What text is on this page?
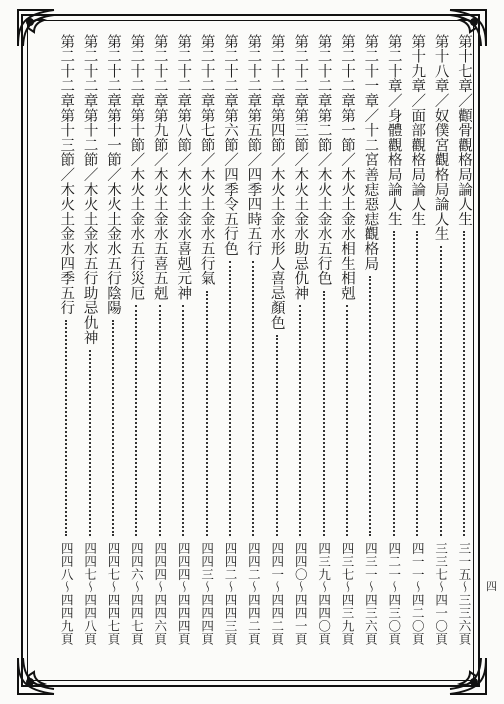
四
第十七章／顴骨觀格局論人生
三一五～三三六頁
第十八章／奴僕宮觀格局論人生
三三七～四一〇頁
第十九章／面部觀格局論人生
四一一～四二〇頁
第二十章／身體觀格局論人生
四二一～四三〇頁
第二十一章／十二宮善痣惡痣觀格局
四三一～四三六頁
第二十二章第一節／木火土金水相生相剋
四三七～四三九頁
第二十二章第二節／木火土金水五行色
四三九～四四〇頁
第二十二章第三節／木火土金水助忌仇神
四四〇～四四一頁
第二十二章第四節／木火土金水形人喜忌顏色
四四一～四四二頁
第二十二章第五節／四季四時五行
四四二～四四二頁
第二十二章第六節／四季令五行色
四四二～四四三頁
第二十二章第七節／木火土金水五行氣
四四三～四四四頁
第二十二章第八節／木火土金水喜剋元神
四四四～四四四頁
第二十二章第九節／木火土金水五喜五剋
四四四～四四六頁
第二十二章第十節／木火土金水五行災厄
四四六～四四七頁
第二十二章第十一節／木火土金水五行陰陽
四四七～四四七頁
第二十二章第十二節／木火土金水五行助忌仇神
四四七～四四八頁
第二十二章第十三節／木火土金水四季五行
四四八～四四九頁
